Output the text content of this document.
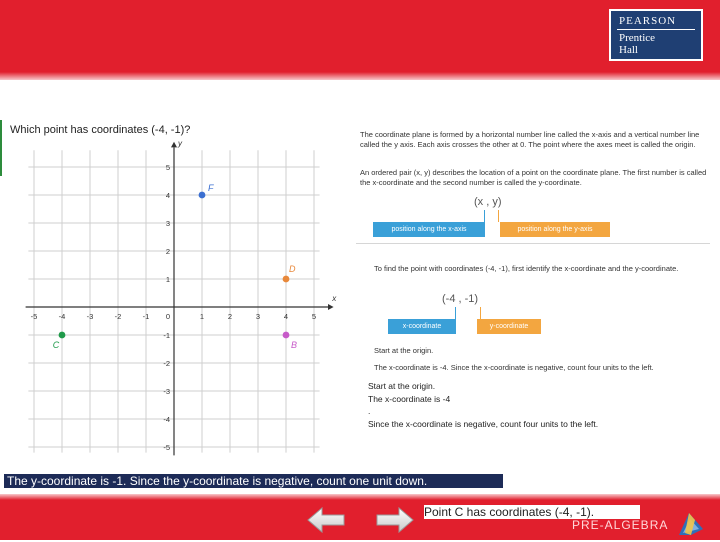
PEARSON
Prentice
Hall
Which point has coordinates (-4, -1)?
x
y
-5	-4	-3	-2	-1 0	1	2	3	4	5
5
4
3
2
1
-1
-2
-3
-4
-5
F
D
C	B
The coordinate plane is formed by a horizontal number line called the x-axis and a vertical number line called the y axis. Each axis crosses the other at 0. The point where the axes meet is called the origin.
An ordered pair (x, y) describes the location of a point on the coordinate plane. The first number is called the x-coordinate and the second number is called the y-coordinate.
(x , y)
position along the x-axis	position along the y-axis
To find the point with coordinates (-4, -1), first identify the x-coordinate and the y-coordinate.
(-4 , -1)
x-coordinate	y-coordinate
Start at the origin.
The x-coordinate is -4. Since the x-coordinate is negative, count four units to the left.
Start at the origin.
The x-coordinate is -4
.
Since the x-coordinate is negative, count four units to the left.
The y-coordinate is -1. Since the y-coordinate is negative, count one unit down.
Point C has coordinates (-4, -1).
PRE-ALGEBRA
